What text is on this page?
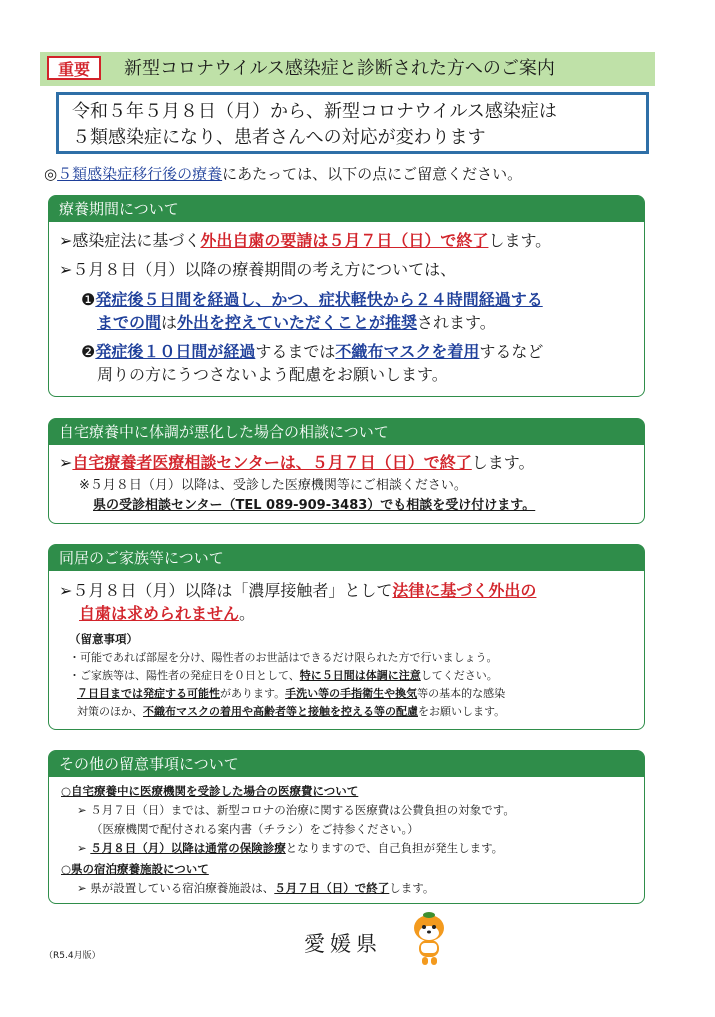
重要	新型コロナウイルス感染症と診断された方へのご案内
令和５年５月８日（月）から、新型コロナウイルス感染症は
５類感染症になり、患者さんへの対応が変わります
◎５類感染症移行後の療養にあたっては、以下の点にご留意ください。
療養期間について
➢感染症法に基づく外出自粛の要請は５月７日（日）で終了します。
➢５月８日（月）以降の療養期間の考え方については、
❶発症後５日間を経過し、かつ、症状軽快から２４時間経過する
までの間は外出を控えていただくことが推奨されます。
❷発症後１０日間が経過するまでは不織布マスクを着用するなど
周りの方にうつさないよう配慮をお願いします。
自宅療養中に体調が悪化した場合の相談について
➢自宅療養者医療相談センターは、５月７日（日）で終了します。
※５月８日（月）以降は、受診した医療機関等にご相談ください。
県の受診相談センター（TEL 089-909-3483）でも相談を受け付けます。
同居のご家族等について
➢５月８日（月）以降は「濃厚接触者」として法律に基づく外出の
自粛は求められません。
（留意事項）
・可能であれば部屋を分け、陽性者のお世話はできるだけ限られた方で行いましょう。
・ご家族等は、陽性者の発症日を０日として、特に５日間は体調に注意してください。
７日目までは発症する可能性があります。手洗い等の手指衛生や換気等の基本的な感染
対策のほか、不織布マスクの着用や高齢者等と接触を控える等の配慮をお願いします。
その他の留意事項について
○自宅療養中に医療機関を受診した場合の医療費について
➢ ５月７日（日）までは、新型コロナの治療に関する医療費は公費負担の対象です。
（医療機関で配付される案内書（チラシ）をご持参ください。）
➢ ５月８日（月）以降は通常の保険診療となりますので、自己負担が発生します。
○県の宿泊療養施設について
➢ 県が設置している宿泊療養施設は、５月７日（日）で終了します。
愛媛県
（R5.4月版）
